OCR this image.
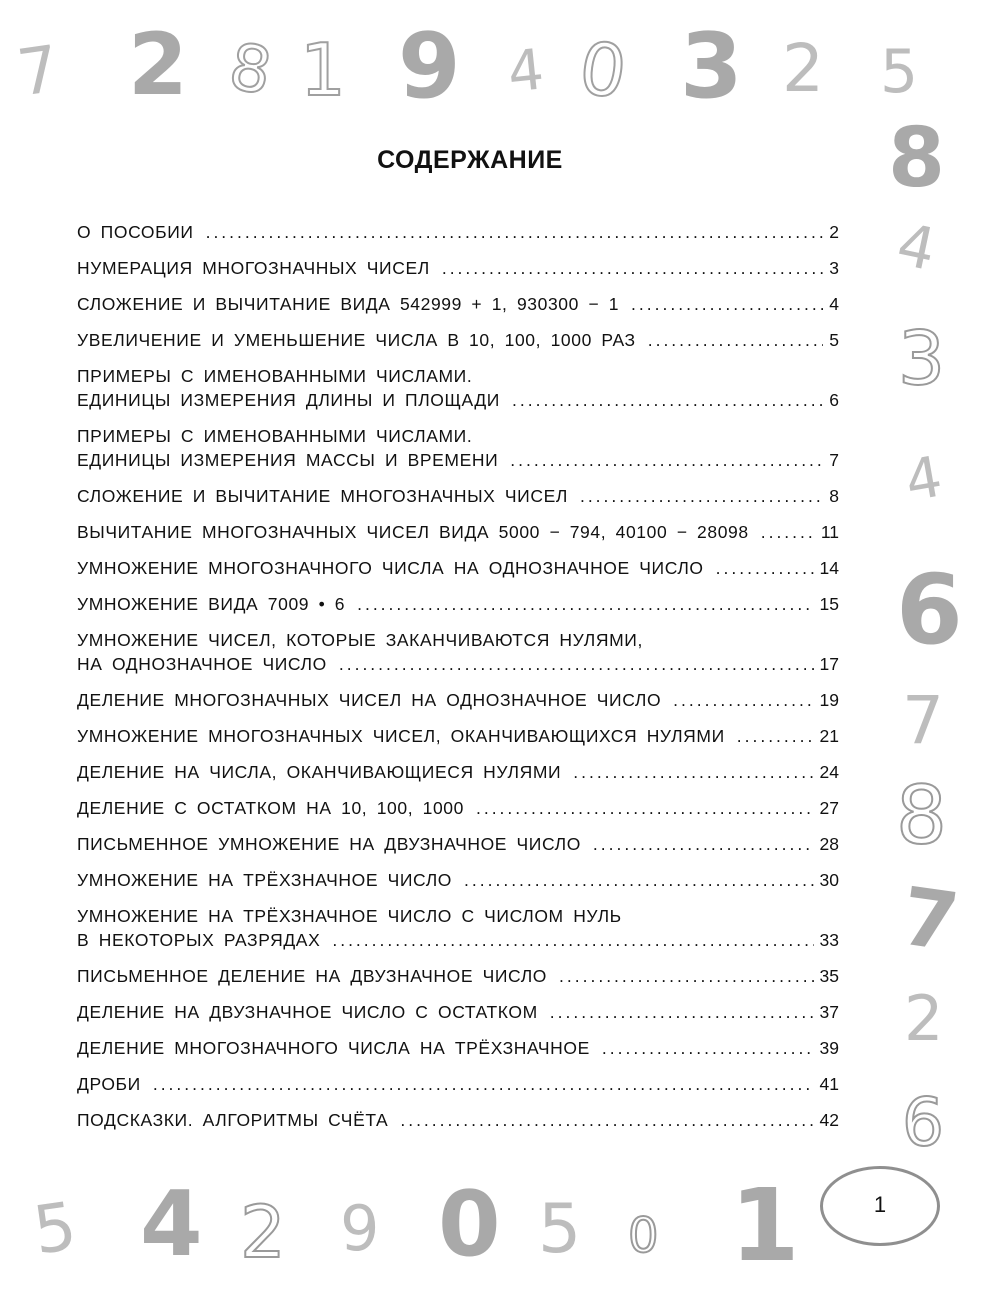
7 2 8 1 9 4 0 3 2 5
8
4
3
4
6
7
8
7
2
6
5 4 2 9 0 5 0 1
СОДЕРЖАНИЕ
О ПОСОБИИ .....	2
НУМЕРАЦИЯ МНОГОЗНАЧНЫХ ЧИСЕЛ .....	3
СЛОЖЕНИЕ И ВЫЧИТАНИЕ ВИДА 542999 + 1, 930300 − 1 .....	4
УВЕЛИЧЕНИЕ И УМЕНЬШЕНИЕ ЧИСЛА В 10, 100, 1000 РАЗ .....	5
ПРИМЕРЫ С ИМЕНОВАННЫМИ ЧИСЛАМИ.
ЕДИНИЦЫ ИЗМЕРЕНИЯ ДЛИНЫ И ПЛОЩАДИ .....	6
ПРИМЕРЫ С ИМЕНОВАННЫМИ ЧИСЛАМИ.
ЕДИНИЦЫ ИЗМЕРЕНИЯ МАССЫ И ВРЕМЕНИ .....	7
СЛОЖЕНИЕ И ВЫЧИТАНИЕ МНОГОЗНАЧНЫХ ЧИСЕЛ .....	8
ВЫЧИТАНИЕ МНОГОЗНАЧНЫХ ЧИСЕЛ ВИДА 5000 − 794, 40100 − 28098 .....	11
УМНОЖЕНИЕ МНОГОЗНАЧНОГО ЧИСЛА НА ОДНОЗНАЧНОЕ ЧИСЛО .....	14
УМНОЖЕНИЕ ВИДА 7009 • 6 .....	15
УМНОЖЕНИЕ ЧИСЕЛ, КОТОРЫЕ ЗАКАНЧИВАЮТСЯ НУЛЯМИ,
НА ОДНОЗНАЧНОЕ ЧИСЛО .....	17
ДЕЛЕНИЕ МНОГОЗНАЧНЫХ ЧИСЕЛ НА ОДНОЗНАЧНОЕ ЧИСЛО .....	19
УМНОЖЕНИЕ МНОГОЗНАЧНЫХ ЧИСЕЛ, ОКАНЧИВАЮЩИХСЯ НУЛЯМИ .....	21
ДЕЛЕНИЕ НА ЧИСЛА, ОКАНЧИВАЮЩИЕСЯ НУЛЯМИ .....	24
ДЕЛЕНИЕ С ОСТАТКОМ НА 10, 100, 1000 .....	27
ПИСЬМЕННОЕ УМНОЖЕНИЕ НА ДВУЗНАЧНОЕ ЧИСЛО .....	28
УМНОЖЕНИЕ НА ТРЁХЗНАЧНОЕ ЧИСЛО .....	30
УМНОЖЕНИЕ НА ТРЁХЗНАЧНОЕ ЧИСЛО С ЧИСЛОМ НУЛЬ
В НЕКОТОРЫХ РАЗРЯДАХ .....	33
ПИСЬМЕННОЕ ДЕЛЕНИЕ НА ДВУЗНАЧНОЕ ЧИСЛО .....	35
ДЕЛЕНИЕ НА ДВУЗНАЧНОЕ ЧИСЛО С ОСТАТКОМ .....	37
ДЕЛЕНИЕ МНОГОЗНАЧНОГО ЧИСЛА НА ТРЁХЗНАЧНОЕ .....	39
ДРОБИ .....	41
ПОДСКАЗКИ. АЛГОРИТМЫ СЧЁТА .....	42
1
